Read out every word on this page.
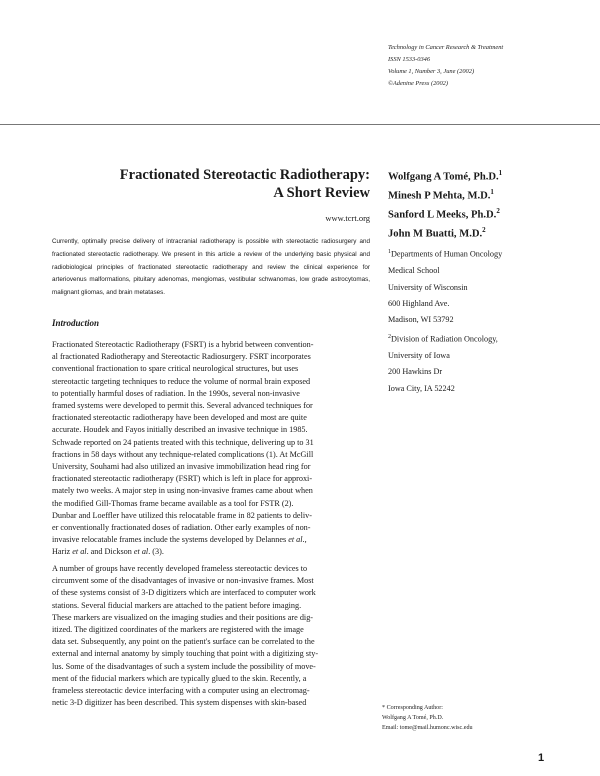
Technology in Cancer Research & Treatment
ISSN 1533-0346
Volume 1, Number 3, June (2002)
©Adenine Press (2002)
Fractionated Stereotactic Radiotherapy:
A Short Review
www.tcrt.org
Currently, optimally precise delivery of intracranial radiotherapy is possible with stereotactic radiosurgery and fractionated stereotactic radiotherapy. We present in this article a review of the underlying basic physical and radiobiological principles of fractionated stereotactic radiotherapy and review the clinical experience for arteriovenus malformations, pituitary adenomas, mengiomas, vestibular schwanomas, low grade astrocytomas, malignant gliomas, and brain metatases.
Introduction
Fractionated Stereotactic Radiotherapy (FSRT) is a hybrid between convention-
al fractionated Radiotherapy and Stereotactic Radiosurgery. FSRT incorporates
conventional fractionation to spare critical neurological structures, but uses
stereotactic targeting techniques to reduce the volume of normal brain exposed
to potentially harmful doses of radiation. In the 1990s, several non-invasive
framed systems were developed to permit this. Several advanced techniques for
fractionated stereotactic radiotherapy have been developed and most are quite
accurate. Houdek and Fayos initially described an invasive technique in 1985.
Schwade reported on 24 patients treated with this technique, delivering up to 31
fractions in 58 days without any technique-related complications (1). At McGill
University, Souhami had also utilized an invasive immobilization head ring for
fractionated stereotactic radiotherapy (FSRT) which is left in place for approxi-
mately two weeks. A major step in using non-invasive frames came about when
the modified Gill-Thomas frame became available as a tool for FSTR (2).
Dunbar and Loeffler have utilized this relocatable frame in 82 patients to deliv-
er conventionally fractionated doses of radiation. Other early examples of non-
invasive relocatable frames include the systems developed by Delannes et al.,
Hariz et al. and Dickson et al. (3).
A number of groups have recently developed frameless stereotactic devices to
circumvent some of the disadvantages of invasive or non-invasive frames. Most
of these systems consist of 3-D digitizers which are interfaced to computer work
stations. Several fiducial markers are attached to the patient before imaging.
These markers are visualized on the imaging studies and their positions are dig-
itized. The digitized coordinates of the markers are registered with the image
data set. Subsequently, any point on the patient's surface can be correlated to the
external and internal anatomy by simply touching that point with a digitizing sty-
lus. Some of the disadvantages of such a system include the possibility of move-
ment of the fiducial markers which are typically glued to the skin. Recently, a
frameless stereotactic device interfacing with a computer using an electromag-
netic 3-D digitizer has been described. This system dispenses with skin-based
Wolfgang A Tomé, Ph.D.$^1$
Minesh P Mehta, M.D.$^1$
Sanford L Meeks, Ph.D.$^2$
John M Buatti, M.D.$^2$
$^1$Departments of Human Oncology
Medical School
University of Wisconsin
600 Highland Ave.
Madison, WI 53792
$^2$Division of Radiation Oncology,
University of Iowa
200 Hawkins Dr
Iowa City, IA 52242
* Corresponding Author:
Wolfgang A Tomé, Ph.D.
Email: tome@mail.humonc.wisc.edu
1
